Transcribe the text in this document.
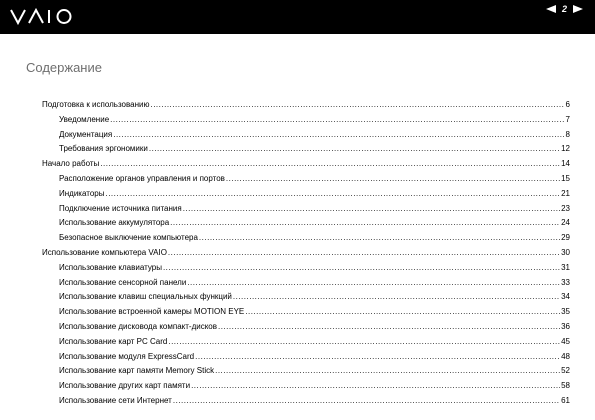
2
Содержание
Подготовка к использованию .....	6
Уведомление .....	7
Документация .....	8
Требования эргономики .....	12
Начало работы .....	14
Расположение органов управления и портов .....	15
Индикаторы .....	21
Подключение источника питания .....	23
Использование аккумулятора .....	24
Безопасное выключение компьютера .....	29
Использование компьютера VAIO .....	30
Использование клавиатуры .....	31
Использование сенсорной панели .....	33
Использование клавиш специальных функций .....	34
Использование встроенной камеры MOTION EYE .....	35
Использование дисковода компакт-дисков .....	36
Использование карт PC Card .....	45
Использование модуля ExpressCard .....	48
Использование карт памяти Memory Stick .....	52
Использование других карт памяти .....	58
Использование сети Интернет .....	61
